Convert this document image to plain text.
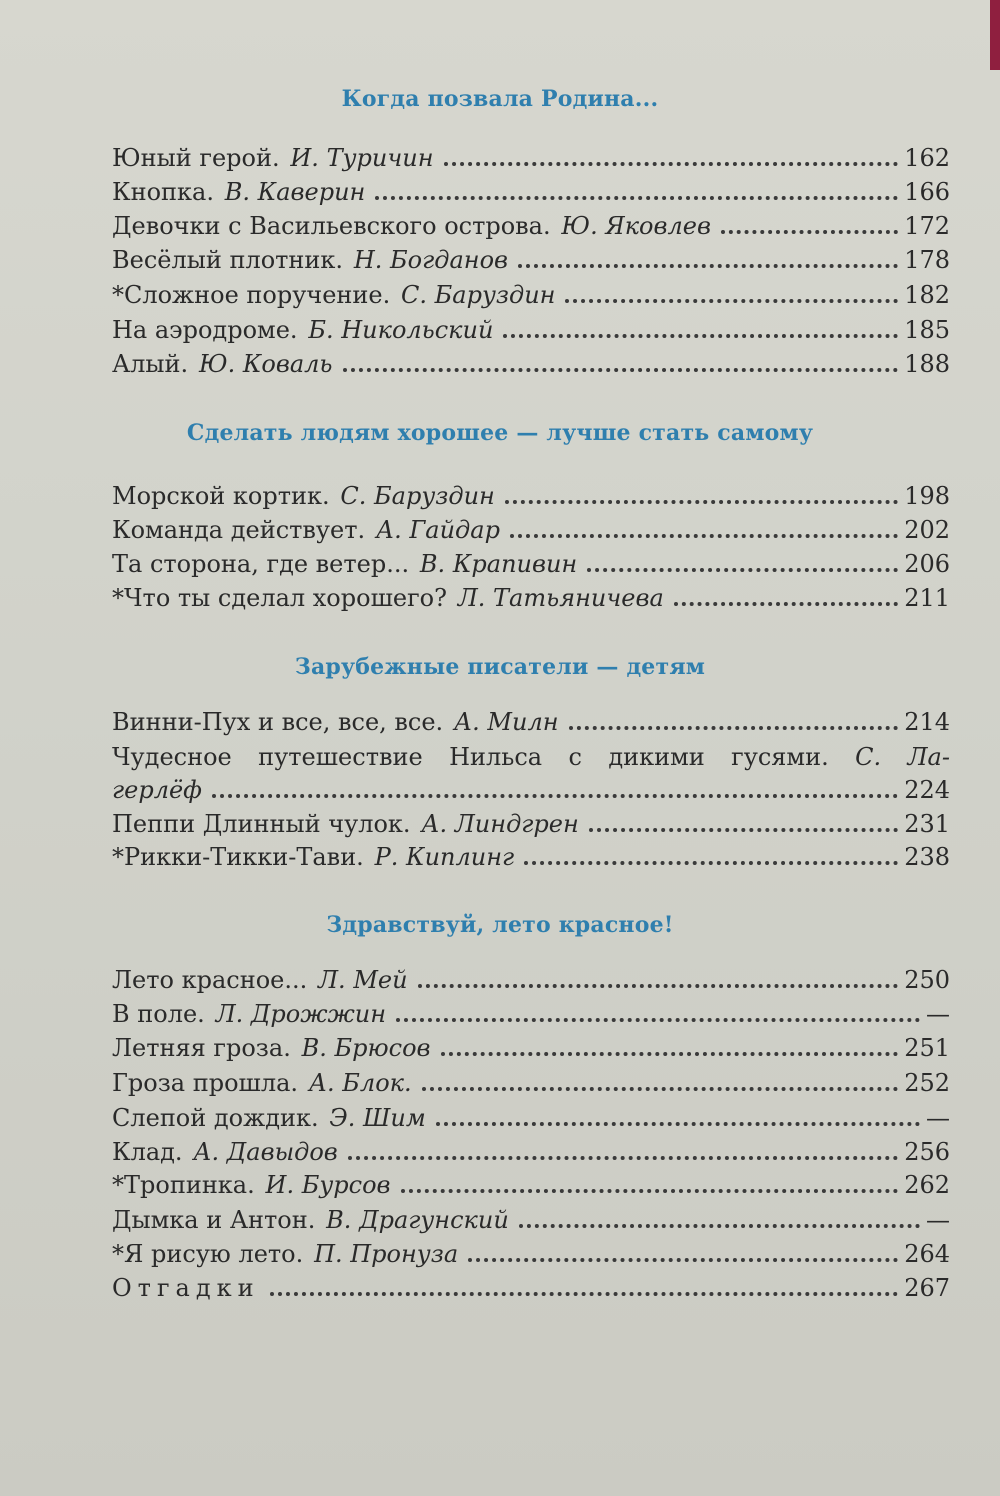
Когда позвала Родина...
Юный герой. И. Туричин	162
Кнопка. В. Каверин	166
Девочки с Васильевского острова. Ю. Яковлев	172
Весёлый плотник. Н. Богданов	178
*Сложное поручение. С. Баруздин	182
На аэродроме. Б. Никольский	185
Алый. Ю. Коваль	188
Сделать людям хорошее — лучше стать самому
Морской кортик. С. Баруздин	198
Команда действует. А. Гайдар	202
Та сторона, где ветер... В. Крапивин	206
*Что ты сделал хорошего? Л. Татьяничева	211
Зарубежные писатели — детям
Винни-Пух и все, все, все. А. Милн	214
Чудесное путешествие Нильса с дикими гусями. С. Ла-
герлёф	224
Пеппи Длинный чулок. А. Линдгрен	231
*Рикки-Тикки-Тави. Р. Киплинг	238
Здравствуй, лето красное!
Лето красное... Л. Мей	250
В поле. Л. Дрожжин	—
Летняя гроза. В. Брюсов	251
Гроза прошла. А. Блок.	252
Слепой дождик. Э. Шим	—
Клад. А. Давыдов	256
*Тропинка. И. Бурсов	262
Дымка и Антон. В. Драгунский	—
*Я рисую лето. П. Пронуза	264
Отгадки	267
